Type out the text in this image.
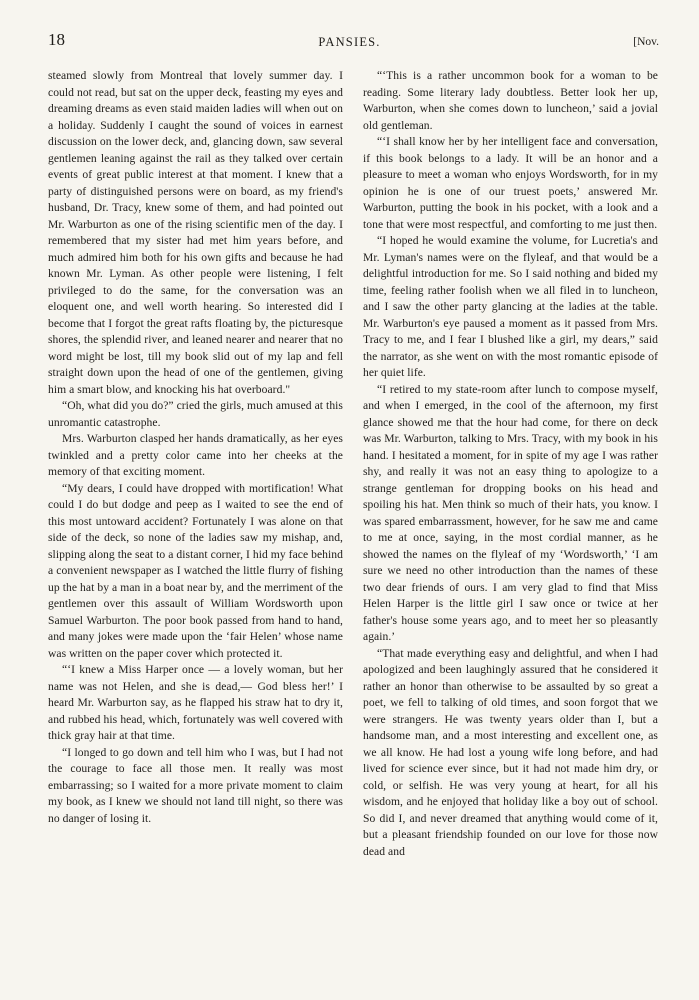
18	[Nov.
PANSIES.

steamed slowly from Montreal that lovely summer day. I could not read, but sat on the upper deck, feasting my eyes and dreaming dreams as even staid maiden ladies will when out on a holiday. Suddenly I caught the sound of voices in earnest discussion on the lower deck, and, glancing down, saw several gentlemen leaning against the rail as they talked over certain events of great public interest at that moment. I knew that a party of distinguished persons were on board, as my friend's husband, Dr. Tracy, knew some of them, and had pointed out Mr. Warburton as one of the rising scientific men of the day. I remembered that my sister had met him years before, and much admired him both for his own gifts and because he had known Mr. Lyman. As other people were listening, I felt privileged to do the same, for the conversation was an eloquent one, and well worth hearing. So interested did I become that I forgot the great rafts floating by, the picturesque shores, the splendid river, and leaned nearer and nearer that no word might be lost, till my book slid out of my lap and fell straight down upon the head of one of the gentlemen, giving him a smart blow, and knocking his hat overboard."

“Oh, what did you do?” cried the girls, much amused at this unromantic catastrophe.

Mrs. Warburton clasped her hands dramatically, as her eyes twinkled and a pretty color came into her cheeks at the memory of that exciting moment.

“My dears, I could have dropped with mortification! What could I do but dodge and peep as I waited to see the end of this most untoward accident? Fortunately I was alone on that side of the deck, so none of the ladies saw my mishap, and, slipping along the seat to a distant corner, I hid my face behind a convenient newspaper as I watched the little flurry of fishing up the hat by a man in a boat near by, and the merriment of the gentlemen over this assault of William Wordsworth upon Samuel Warburton. The poor book passed from hand to hand, and many jokes were made upon the ‘fair Helen’ whose name was written on the paper cover which protected it.

“‘I knew a Miss Harper once — a lovely woman, but her name was not Helen, and she is dead,— God bless her!’ I heard Mr. Warburton say, as he flapped his straw hat to dry it, and rubbed his head, which, fortunately was well covered with thick gray hair at that time.

“I longed to go down and tell him who I was, but I had not the courage to face all those men. It really was most embarrassing; so I waited for a more private moment to claim my book, as I knew we should not land till night, so there was no danger of losing it.

“‘This is a rather uncommon book for a woman to be reading. Some literary lady doubtless. Better look her up, Warburton, when she comes down to luncheon,’ said a jovial old gentleman.

“‘I shall know her by her intelligent face and conversation, if this book belongs to a lady. It will be an honor and a pleasure to meet a woman who enjoys Wordsworth, for in my opinion he is one of our truest poets,’ answered Mr. Warburton, putting the book in his pocket, with a look and a tone that were most respectful, and comforting to me just then.

“I hoped he would examine the volume, for Lucretia's and Mr. Lyman's names were on the flyleaf, and that would be a delightful introduction for me. So I said nothing and bided my time, feeling rather foolish when we all filed in to luncheon, and I saw the other party glancing at the ladies at the table. Mr. Warburton's eye paused a moment as it passed from Mrs. Tracy to me, and I fear I blushed like a girl, my dears,” said the narrator, as she went on with the most romantic episode of her quiet life.

“I retired to my state-room after lunch to compose myself, and when I emerged, in the cool of the afternoon, my first glance showed me that the hour had come, for there on deck was Mr. Warburton, talking to Mrs. Tracy, with my book in his hand. I hesitated a moment, for in spite of my age I was rather shy, and really it was not an easy thing to apologize to a strange gentleman for dropping books on his head and spoiling his hat. Men think so much of their hats, you know. I was spared embarrassment, however, for he saw me and came to me at once, saying, in the most cordial manner, as he showed the names on the flyleaf of my ‘Wordsworth,’ ‘I am sure we need no other introduction than the names of these two dear friends of ours. I am very glad to find that Miss Helen Harper is the little girl I saw once or twice at her father's house some years ago, and to meet her so pleasantly again.’

“That made everything easy and delightful, and when I had apologized and been laughingly assured that he considered it rather an honor than otherwise to be assaulted by so great a poet, we fell to talking of old times, and soon forgot that we were strangers. He was twenty years older than I, but a handsome man, and a most interesting and excellent one, as we all know. He had lost a young wife long before, and had lived for science ever since, but it had not made him dry, or cold, or selfish. He was very young at heart, for all his wisdom, and he enjoyed that holiday like a boy out of school. So did I, and never dreamed that anything would come of it, but a pleasant friendship founded on our love for those now dead and
